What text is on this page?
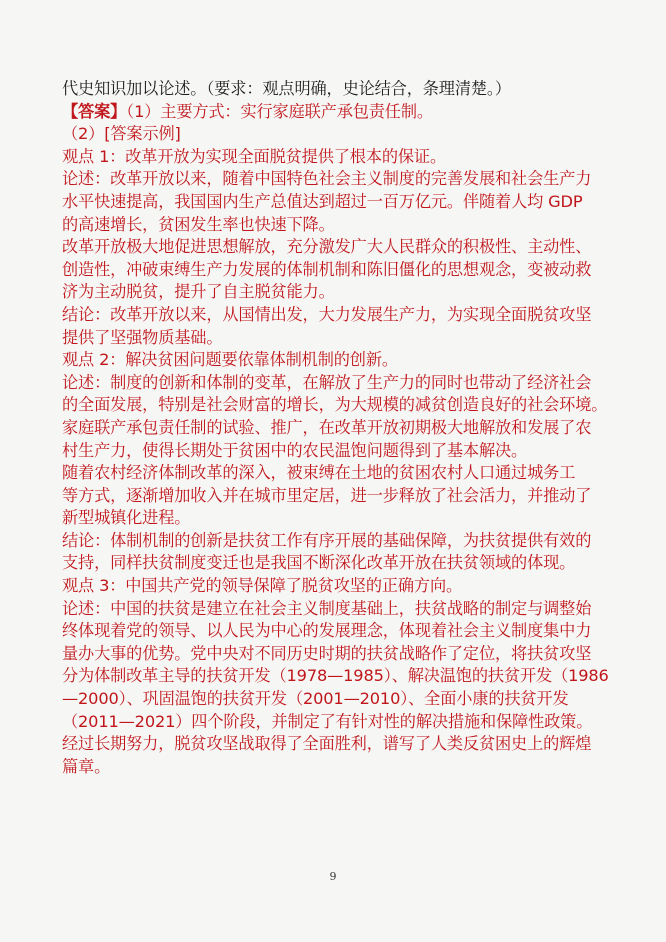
代史知识加以论述。（要求：观点明确，史论结合，条理清楚。）

【答案】（1）主要方式：实行家庭联产承包责任制。

（2）[答案示例]

观点 1：改革开放为实现全面脱贫提供了根本的保证。

论述：改革开放以来，随着中国特色社会主义制度的完善发展和社会生产力

水平快速提高，我国国内生产总值达到超过一百万亿元。伴随着人均 GDP

的高速增长，贫困发生率也快速下降。

改革开放极大地促进思想解放，充分激发广大人民群众的积极性、主动性、

创造性，冲破束缚生产力发展的体制机制和陈旧僵化的思想观念，变被动救

济为主动脱贫，提升了自主脱贫能力。

结论：改革开放以来，从国情出发，大力发展生产力，为实现全面脱贫攻坚

提供了坚强物质基础。

观点 2：解决贫困问题要依靠体制机制的创新。

论述：制度的创新和体制的变革，在解放了生产力的同时也带动了经济社会

的全面发展，特别是社会财富的增长，为大规模的减贫创造良好的社会环境。

家庭联产承包责任制的试验、推广，在改革开放初期极大地解放和发展了农

村生产力，使得长期处于贫困中的农民温饱问题得到了基本解决。

随着农村经济体制改革的深入，被束缚在土地的贫困农村人口通过城务工

等方式，逐渐增加收入并在城市里定居，进一步释放了社会活力，并推动了

新型城镇化进程。

结论：体制机制的创新是扶贫工作有序开展的基础保障，为扶贫提供有效的

支持，同样扶贫制度变迁也是我国不断深化改革开放在扶贫领域的体现。

观点 3：中国共产党的领导保障了脱贫攻坚的正确方向。

论述：中国的扶贫是建立在社会主义制度基础上，扶贫战略的制定与调整始

终体现着党的领导、以人民为中心的发展理念，体现着社会主义制度集中力

量办大事的优势。党中央对不同历史时期的扶贫战略作了定位，将扶贫攻坚

分为体制改革主导的扶贫开发（1978—1985）、解决温饱的扶贫开发（1986

—2000）、巩固温饱的扶贫开发（2001—2010）、全面小康的扶贫开发

（2011—2021）四个阶段，并制定了有针对性的解决措施和保障性政策。

经过长期努力，脱贫攻坚战取得了全面胜利，谱写了人类反贫困史上的辉煌

篇章。

9
